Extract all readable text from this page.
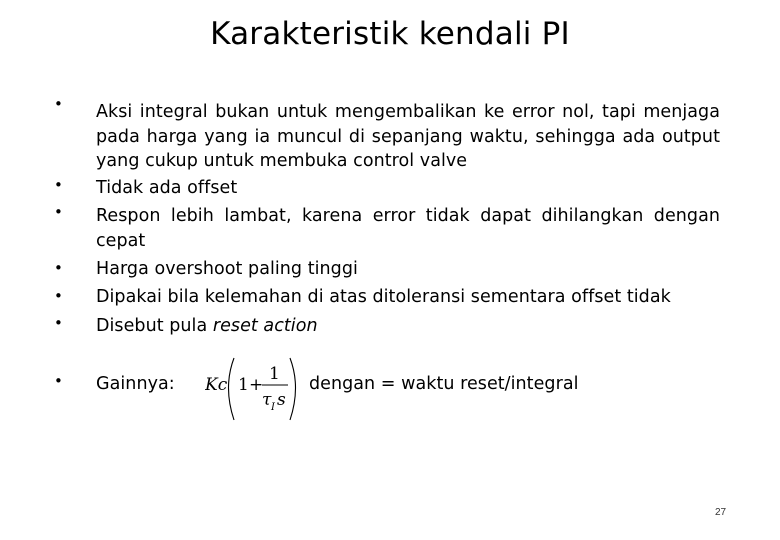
Karakteristik kendali PI
•
•
•
•
•
•
•
Aksi integral bukan untuk mengembalikan ke error nol, tapi menjaga pada harga yang ia muncul di sepanjang waktu, sehingga ada output yang cukup untuk membuka control valve
Tidak ada offset
Respon lebih lambat, karena error tidak dapat dihilangkan dengan cepat
Harga overshoot paling tinggi
Dipakai bila kelemahan di atas ditoleransi sementara offset tidak
Disebut pula reset action
Gainnya:	dengan = waktu reset/integral
Kc 1 +
1
τ I s
27
